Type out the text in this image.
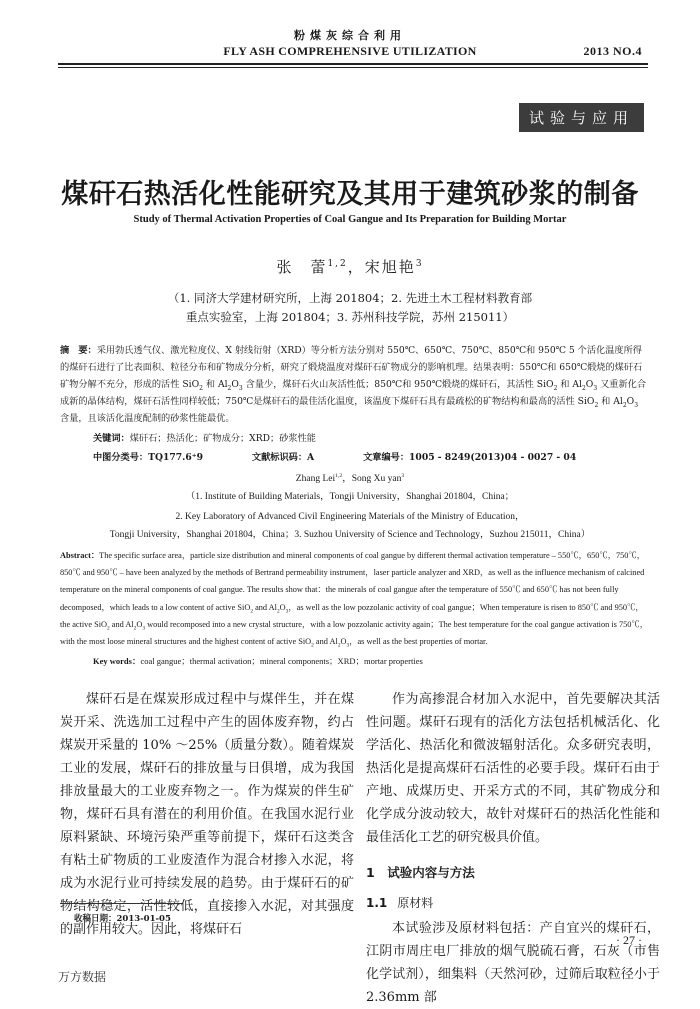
粉煤灰综合利用
FLY ASH COMPREHENSIVE UTILIZATION	2013 NO.4
试验与应用
煤矸石热活化性能研究及其用于建筑砂浆的制备
Study of Thermal Activation Properties of Coal Gangue and Its Preparation for Building Mortar
张　蕾$^{1,2}$，宋旭艳$^3$
（1. 同济大学建材研究所，上海 201804；2. 先进土木工程材料教育部
重点实验室，上海 201804；3. 苏州科技学院，苏州 215011）
摘　要：采用勃氏透气仪、激光粒度仪、X 射线衍射（XRD）等分析方法分别对 550℃、650℃、750℃、850℃和 950℃ 5 个活化温度所得的煤矸石进行了比表面积、粒径分布和矿物成分分析，研究了煅烧温度对煤矸石矿物成分的影响机理。结果表明：550℃和 650℃煅烧的煤矸石矿物分解不充分，形成的活性 SiO$_2$ 和 $Al_2O_3$ 含量少，煤矸石火山灰活性低；850℃和 950℃煅烧的煤矸石，其活性 SiO$_2$ 和 $Al_2O_3$ 又重新化合成新的晶体结构，煤矸石活性同样较低；750℃是煤矸石的最佳活化温度，该温度下煤矸石具有最疏松的矿物结构和最高的活性 SiO$_2$ 和 $Al_2O_3$ 含量，且该活化温度配制的砂浆性能最优。
关键词：煤矸石；热活化；矿物成分；XRD；砂浆性能
中图分类号：TQ177.6⁺9	文献标识码：A	文章编号：1005 - 8249(2013)04 - 0027 - 04
Zhang Lei$^{1,2}$，Song Xu yan$^3$
（1. Institute of Building Materials，Tongji University，Shanghai 201804，China；
2. Key Laboratory of Advanced Civil Engineering Materials of the Ministry of Education，
Tongji University，Shanghai 201804，China；3. Suzhou University of Science and Technology，Suzhou 215011，China）
Abstract：The specific surface area，particle size distribution and mineral components of coal gangue by different thermal activation temperature – 550℃，650℃，750℃，850℃ and 950℃ – have been analyzed by the methods of Bertrand permeability instrument，laser particle analyzer and XRD，as well as the influence mechanism of calcined temperature on the mineral components of coal gangue. The results show that：the minerals of coal gangue after the temperature of 550℃ and 650℃ has not been fully decomposed，which leads to a low content of active SiO$_2$ and $Al_2O_3$，as well as the low pozzolanic activity of coal gangue；When temperature is risen to 850℃ and 950℃，the active SiO$_2$ and $Al_2O_3$ would recomposed into a new crystal structure，with a low pozzolanic activity again；The best temperature for the coal gangue activation is 750℃，with the most loose mineral structures and the highest content of active SiO$_2$ and $Al_2O_3$，as well as the best properties of mortar.
Key words：coal gangue；thermal activation；mineral components；XRD；mortar properties

煤矸石是在煤炭形成过程中与煤伴生，并在煤炭开采、洗选加工过程中产生的固体废弃物，约占煤炭开采量的 10% ～25%（质量分数）。随着煤炭工业的发展，煤矸石的排放量与日俱增，成为我国排放量最大的工业废弃物之一。作为煤炭的伴生矿物，煤矸石具有潜在的利用价值。在我国水泥行业原料紧缺、环境污染严重等前提下，煤矸石这类含有粘土矿物质的工业废渣作为混合材掺入水泥，将成为水泥行业可持续发展的趋势。由于煤矸石的矿物结构稳定，活性较低，直接掺入水泥，对其强度的副作用较大。因此，将煤矸石

作为高掺混合材加入水泥中，首先要解决其活性问题。煤矸石现有的活化方法包括机械活化、化学活化、热活化和微波辐射活化。众多研究表明，热活化是提高煤矸石活性的必要手段。煤矸石由于产地、成煤历史、开采方式的不同，其矿物成分和化学成分波动较大，故针对煤矸石的热活化性能和最佳活化工艺的研究极具价值。

1　试验内容与方法
1.1 原材料

本试验涉及原材料包括：产自宜兴的煤矸石，江阴市周庄电厂排放的烟气脱硫石膏，石灰（市售化学试剂），细集料（天然河砂，过筛后取粒径小于 2.36mm 部

收稿日期：2013-01-05
· 27 ·
万方数据
